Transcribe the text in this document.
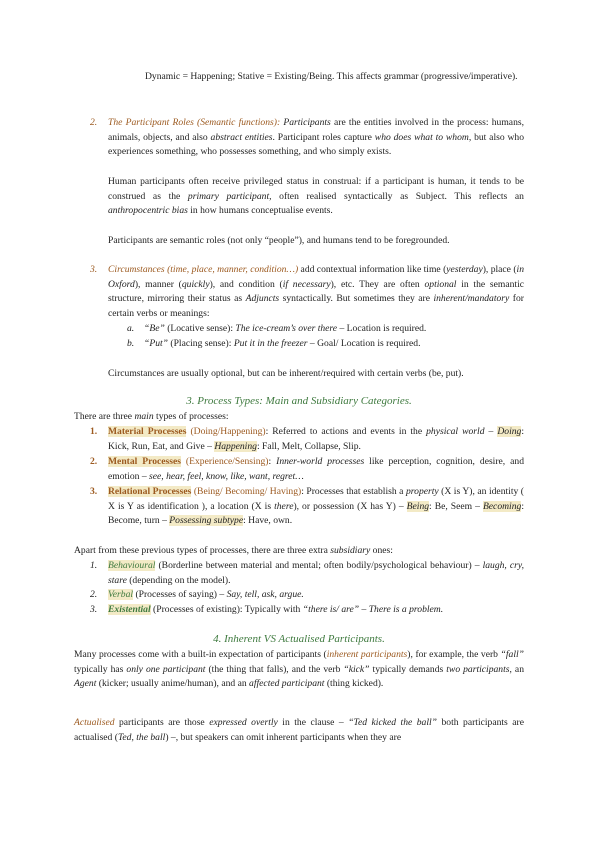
Dynamic = Happening; Stative = Existing/Being. This affects grammar (progressive/imperative).
2. The Participant Roles (Semantic functions): Participants are the entities involved in the process: humans, animals, objects, and also abstract entities. Participant roles capture who does what to whom, but also who experiences something, who possesses something, and who simply exists.
Human participants often receive privileged status in construal: if a participant is human, it tends to be construed as the primary participant, often realised syntactically as Subject. This reflects an anthropocentric bias in how humans conceptualise events.
Participants are semantic roles (not only “people”), and humans tend to be foregrounded.
3. Circumstances (time, place, manner, condition…) add contextual information like time (yesterday), place (in Oxford), manner (quickly), and condition (if necessary), etc. They are often optional in the semantic structure, mirroring their status as Adjuncts syntactically. But sometimes they are inherent/mandatory for certain verbs or meanings:
a. “Be” (Locative sense): The ice-cream’s over there – Location is required.
b. “Put” (Placing sense): Put it in the freezer – Goal/ Location is required.
Circumstances are usually optional, but can be inherent/required with certain verbs (be, put).
3. Process Types: Main and Subsidiary Categories.
There are three main types of processes:
1. Material Processes (Doing/Happening): Referred to actions and events in the physical world – Doing: Kick, Run, Eat, and Give – Happening: Fall, Melt, Collapse, Slip.
2. Mental Processes (Experience/Sensing): Inner-world processes like perception, cognition, desire, and emotion – see, hear, feel, know, like, want, regret…
3. Relational Processes (Being/ Becoming/ Having): Processes that establish a property (X is Y), an identity ( X is Y as identification ), a location (X is there), or possession (X has Y) – Being: Be, Seem – Becoming: Become, turn – Possessing subtype: Have, own.
Apart from these previous types of processes, there are three extra subsidiary ones:
1. Behavioural (Borderline between material and mental; often bodily/psychological behaviour) – laugh, cry, stare (depending on the model).
2. Verbal (Processes of saying) – Say, tell, ask, argue.
3. Existential (Processes of existing): Typically with “there is/ are” – There is a problem.
4. Inherent VS Actualised Participants.
Many processes come with a built-in expectation of participants (inherent participants), for example, the verb “fall” typically has only one participant (the thing that falls), and the verb “kick” typically demands two participants, an Agent (kicker; usually anime/human), and an affected participant (thing kicked).
Actualised participants are those expressed overtly in the clause – “Ted kicked the ball” both participants are actualised (Ted, the ball) –, but speakers can omit inherent participants when they are
